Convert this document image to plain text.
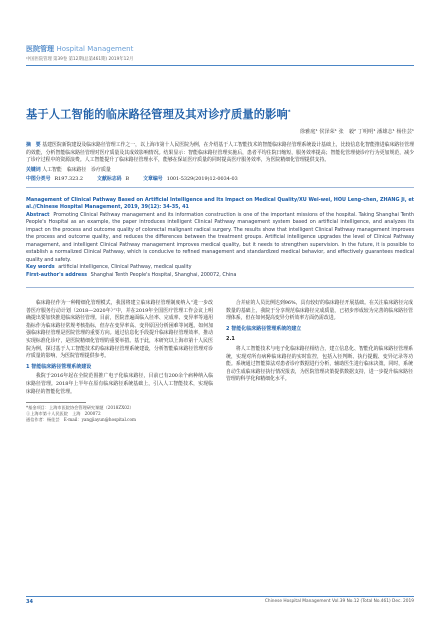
医院管理 Hospital Management
中国医院管理 第39卷 第12期(总第461期) 2019年12月
基于人工智能的临床路径管理及其对诊疗质量的影响*
徐雅庭¹ 侯泽荣¹ 张　毅² 丁明明¹ 潘雄志¹ 杨佳芸¹
摘　要 基建医院新院建设及临床路径管理工作之一，以上海市第十人民医院为例，在介绍基于人工智能技术的智能临床路径管理系统设计基础上，比较信息化智能推进临床路径管理的效能，分析智能临床路径管理对医疗质量及其成效影响情况。结果显示：智能临床路径管理实施后，患者平均住院日缩短，服务效率提高；智能化管理使诊疗行为更加规范，减少了诊疗过程中的资源浪费。人工智能提升了临床路径管理水平，能够在保证医疗质量的同时提高医疗服务效率，为医院精细化管理提供支持。
关键词 人工智能　临床路径　诊疗质量
中图分类号 R197.323.2	文献标志码 B	文章编号 1001-5329(2019)12-0034-03
Management of Clinical Pathway Based on Artificial Intelligence and Its Impact on Medical Quality/XU Wei-wei, HOU Leng-chen, ZHANG Ji, et al.//Chinese Hospital Management, 2019, 39(12): 34-35, 41
Abstract Promoting Clinical Pathway management and its information construction is one of the important missions of the hospital. Taking Shanghai Tenth People's Hospital as an example, the paper introduces intelligent Clinical Pathway management system based on artificial intelligence, and analyzes its impact on the process and outcome quality of colorectal malignant radical surgery. The results show that intelligent Clinical Pathway management improves the process and outcome quality, and reduces the differences between the treatment groups. Artificial intelligence upgrades the level of Clinical Pathway management, and intelligent Clinical Pathway management improves medical quality, but it needs to strengthen supervision. In the future, it is possible to establish a normalized Clinical Pathway, which is conducive to refined management and standardized medical behavior, and effectively guarantees medical quality and safety.
Key words artificial intelligence, Clinical Pathway, medical quality
First-author's address Shanghai Tenth People's Hospital, Shanghai, 200072, China

临床路径作为一种精细化管理模式，我国将建立临床路径管理制度纳入“进一步改善医疗服务行动计划（2018—2020年）”中，并在2019年全国医疗管理工作会议上明确提出要加快推进临床路径管理。目前，医院普遍面临入径率、完成率、变异率等通用指标作为临床路径常规考核指标，但存在变异率高、变异原因分析困难等问题。如何加强临床路径管理是医院管理的重要方向。通过信息化手段提升临床路径管理效率，推动实现标准化诊疗，是医院精细化管理的重要举措。基于此，本研究以上海市第十人民医院为例，探讨基于人工智能技术的临床路径管理系统建设，分析智能临床路径管理对诊疗质量的影响，为医院管理提供参考。

1 智能临床路径管理系统建设

我院于2016年起在全院范围推广电子化临床路径，目前已有200余个病种纳入临床路径管理。2018年上半年在原有临床路径系统基础上，引入人工智能技术，实现临床路径的智能化管理。

*基金项目：上海市医院协会管理研究课题（2018ZX02）
①上海市第十人民医院　上海　200072
通信作者：杨佳芸　E-mail：yangjiayun@hospital.com

合并症的人员比例达到96%，具有较好的临床路径开展基础。在关注临床路径完成数量的基础上，我院于分享规范临床路径完成质量，已初步形成较为完善的临床路径管理体系，但在如何提高变异分析效率方面仍需改进。

2 智能化临床路径管理系统的建立
2.1

将人工智能技术与电子化临床路径相结合，建立信息化、智能化的临床路径管理系统，实现对所有病种临床路径的实时监控，包括入径判断、执行提醒、变异记录等功能。系统通过智能算法对患者诊疗数据进行分析，辅助医生进行临床决策。同时，系统自动生成临床路径执行情况报表，为医院管理决策提供数据支持，进一步提升临床路径管理的科学化和精细化水平。

34	Chinese Hospital Management Vol.39 No.12 (Total No.461) Dec. 2019
